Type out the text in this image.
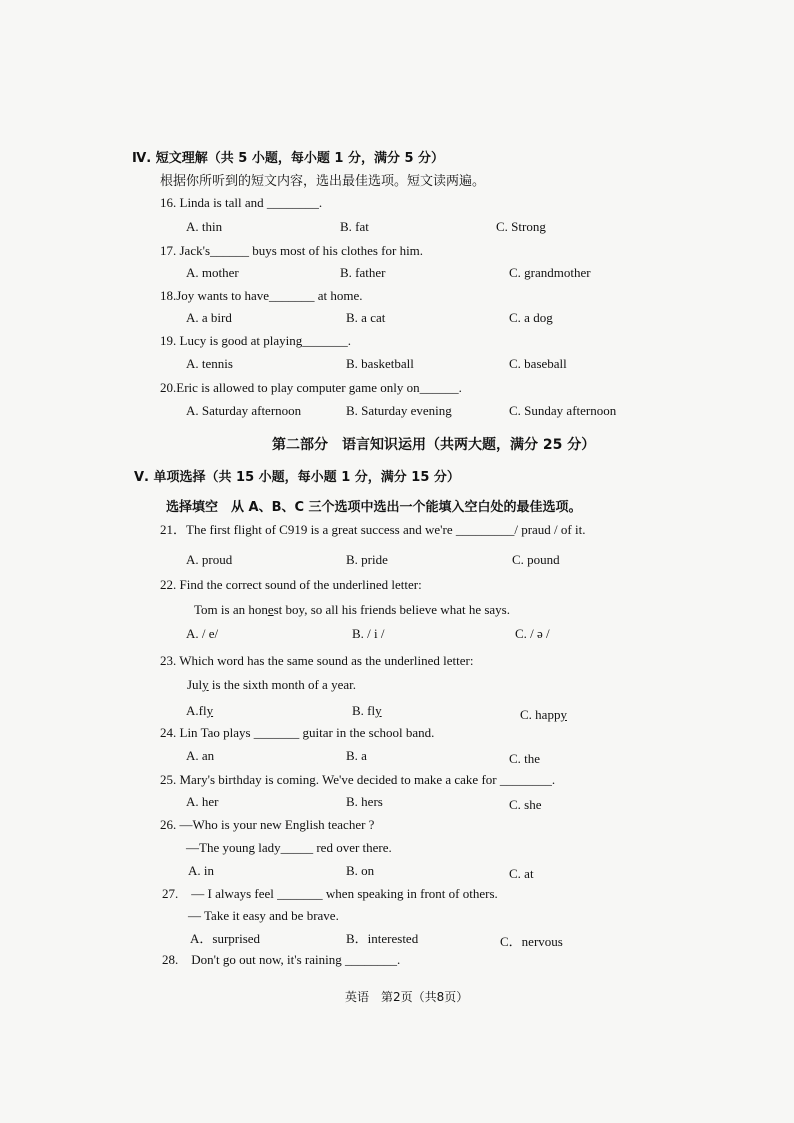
Ⅳ. 短文理解（共 5 小题，每小题 1 分，满分 5 分）
根据你所听到的短文内容，选出最佳选项。短文读两遍。
16. Linda is tall and ________.
A. thin	B. fat	C. Strong
17. Jack's______ buys most of his clothes for him.
A. mother	B. father	C. grandmother
18.Joy wants to have_______ at home.
A. a bird	B. a cat	C. a dog
19. Lucy is good at playing_______.
A. tennis	B. basketball	C. baseball
20.Eric is allowed to play computer game only on______.
A. Saturday afternoon	B. Saturday evening	C. Sunday afternoon
第二部分　语言知识运用（共两大题，满分 25 分）
Ⅴ. 单项选择（共 15 小题，每小题 1 分，满分 15 分）
选择填空　从 A、B、C 三个选项中选出一个能填入空白处的最佳选项。
21．The first flight of C919 is a great success and we're _________/ praud / of it.
A. proud	B. pride	C. pound
22. Find the correct sound of the underlined letter:
Tom is an honest boy, so all his friends believe what he says.
A. / e/	B. / i /	C. / ə /
23. Which word has the same sound as the underlined letter:
July is the sixth month of a year.
A.fly	B. fly	C. happy
24. Lin Tao plays _______ guitar in the school band.
A. an	B. a	C. the
25. Mary's birthday is coming. We've decided to make a cake for ________.
A. her	B. hers	C. she
26. —Who is your new English teacher ?
—The young lady_____ red over there.
A. in	B. on	C. at
27.　— I always feel _______ when speaking in front of others.
— Take it easy and be brave.
A．surprised	B．interested	C．nervous
28.　Don't go out now, it's raining ________.
英语　第2页（共8页）
